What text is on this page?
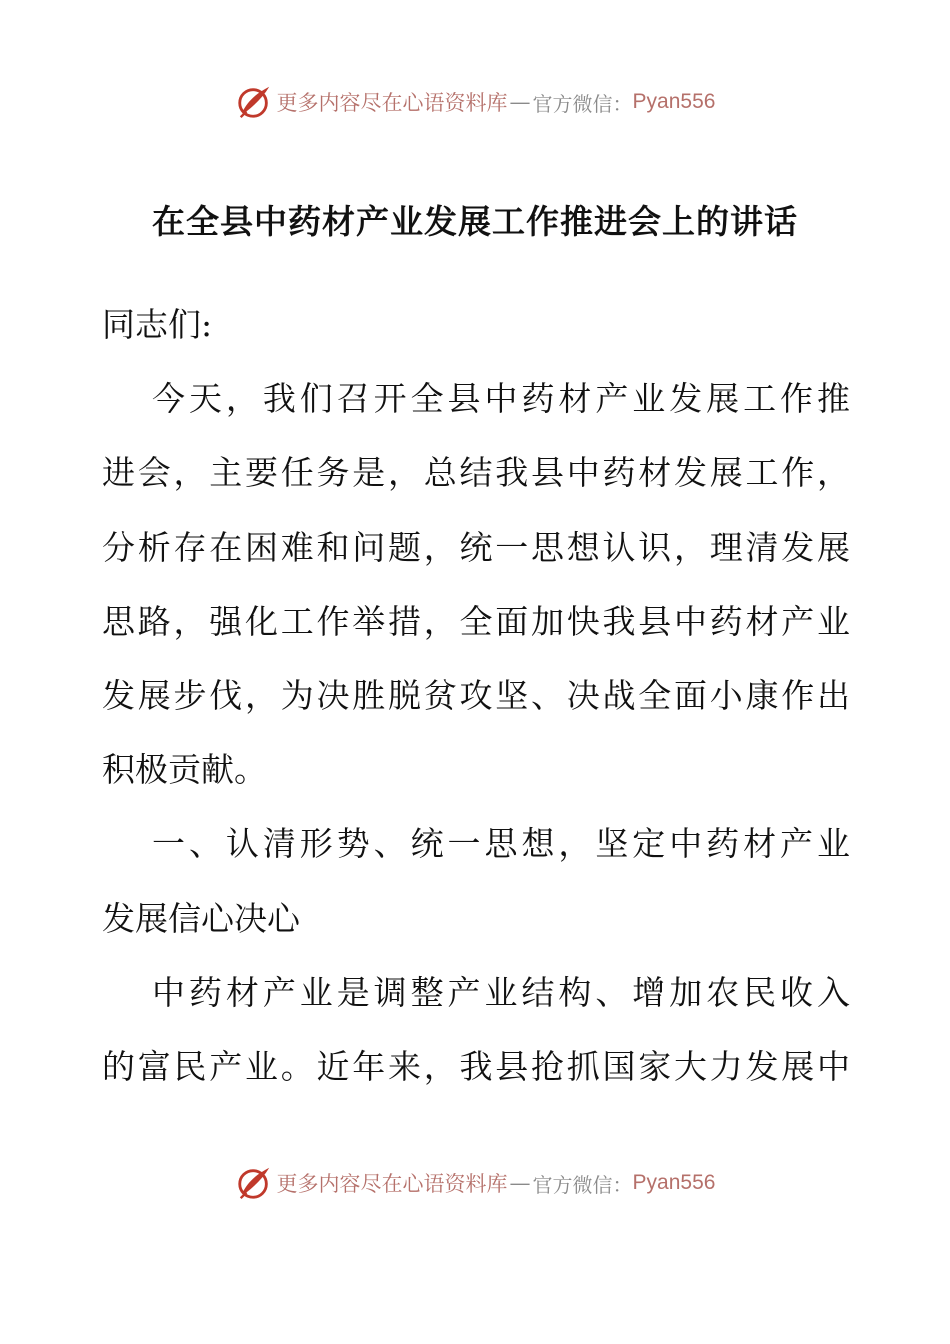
更多内容尽在心语资料库 — 官方微信： Pyan556
在全县中药材产业发展工作推进会上的讲话
同志们:
今天，我们召开全县中药材产业发展工作推
进会，主要任务是，总结我县中药材发展工作，
分析存在困难和问题，统一思想认识，理清发展
思路，强化工作举措，全面加快我县中药材产业
发展步伐，为决胜脱贫攻坚、决战全面小康作出
积极贡献。
一、认清形势、统一思想，坚定中药材产业
发展信心决心
中药材产业是调整产业结构、增加农民收入
的富民产业。近年来，我县抢抓国家大力发展中
更多内容尽在心语资料库 — 官方微信： Pyan556
